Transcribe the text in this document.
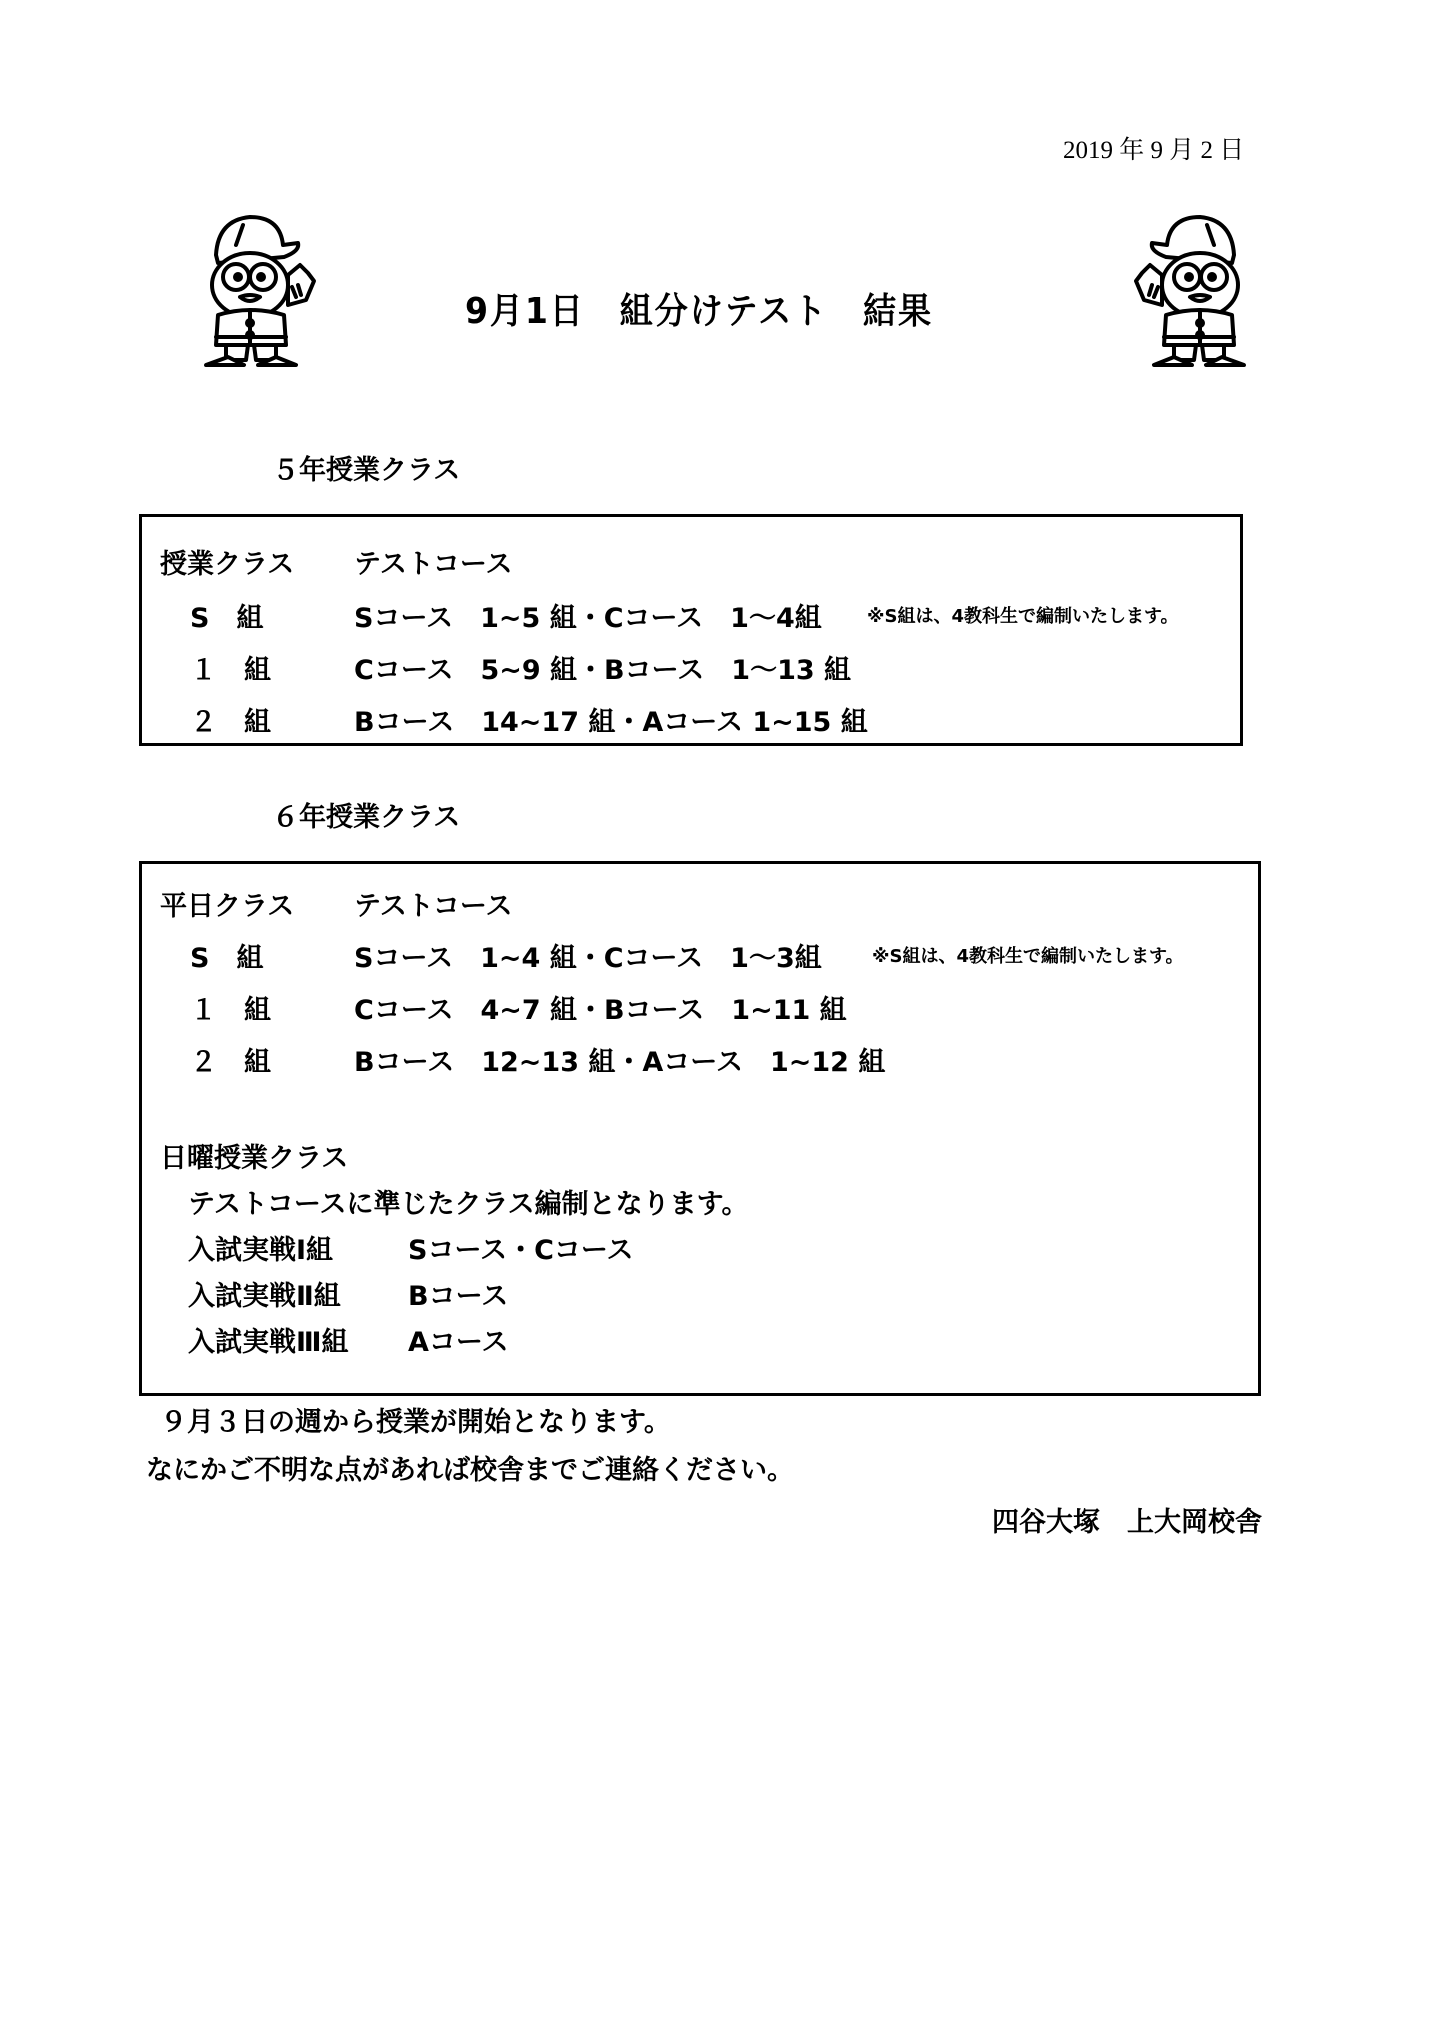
2019 年 9 月 2 日
9月1日　組分けテスト　結果
５年授業クラス
授業クラス テストコース
S　組	Sコース　1~5 組・Cコース　1～4組	※S組は、4教科生で編制いたします。
１　組	Cコース　5~9 組・Bコース　1～13 組
２　組	Bコース　14~17 組・Aコース 1~15 組
６年授業クラス
平日クラス テストコース
S　組	Sコース　1~4 組・Cコース　1～3組	※S組は、4教科生で編制いたします。
１　組	Cコース　4~7 組・Bコース　1~11 組
２　組	Bコース　12~13 組・Aコース　1~12 組
日曜授業クラス
テストコースに準じたクラス編制となります。
入試実戦Ⅰ組	Sコース・Cコース
入試実戦Ⅱ組 Bコース
入試実戦Ⅲ組 Aコース
９月３日の週から授業が開始となります。
なにかご不明な点があれば校舎までご連絡ください。
四谷大塚　上大岡校舎
